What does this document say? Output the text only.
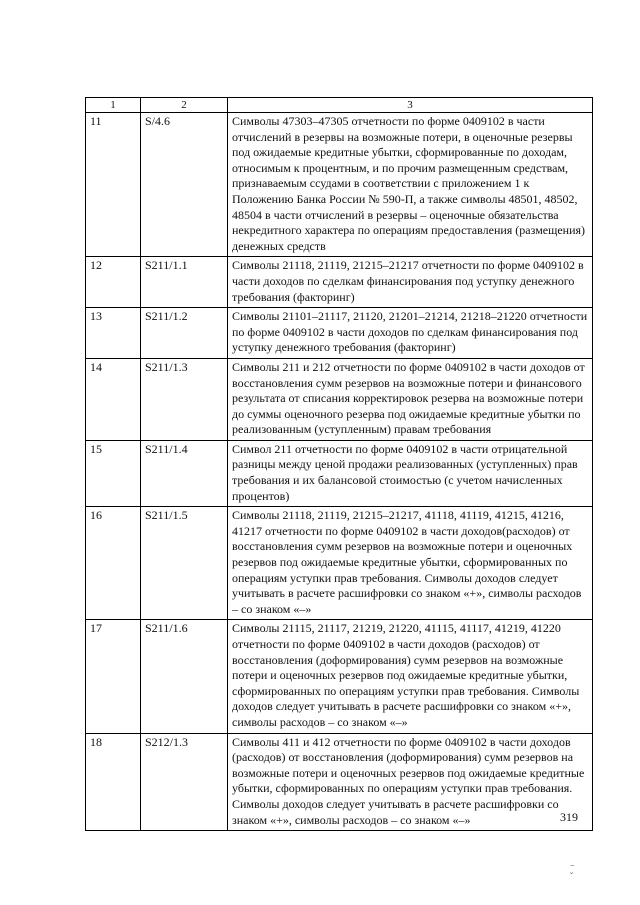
1	2	3
11	S/4.6	Символы 47303–47305 отчетности по форме 0409102 в части отчислений в резервы на возможные потери, в оценочные резервы под ожидаемые кредитные убытки, сформированные по доходам, относимым к процентным, и по прочим размещенным средствам, признаваемым ссудами в соответствии с приложением 1 к Положению Банка России № 590-П, а также символы 48501, 48502, 48504 в части отчислений в резервы – оценочные обязательства некредитного характера по операциям предоставления (размещения) денежных средств
12	S211/1.1	Символы 21118, 21119, 21215–21217 отчетности по форме 0409102 в части доходов по сделкам финансирования под уступку денежного требования (факторинг)
13	S211/1.2	Символы 21101–21117, 21120, 21201–21214, 21218–21220 отчетности по форме 0409102 в части доходов по сделкам финансирования под уступку денежного требования (факторинг)
14	S211/1.3	Символы 211 и 212 отчетности по форме 0409102 в части доходов от восстановления сумм резервов на возможные потери и финансового результата от списания корректировок резерва на возможные потери до суммы оценочного резерва под ожидаемые кредитные убытки по реализованным (уступленным) правам требования
15	S211/1.4	Символ 211 отчетности по форме 0409102 в части отрицательной разницы между ценой продажи реализованных (уступленных) прав требования и их балансовой стоимостью (с учетом начисленных процентов)
16	S211/1.5	Символы 21118, 21119, 21215–21217, 41118, 41119, 41215, 41216, 41217 отчетности по форме 0409102 в части доходов(расходов) от восстановления сумм резервов на возможные потери и оценочных резервов под ожидаемые кредитные убытки, сформированных по операциям уступки прав требования. Символы доходов следует учитывать в расчете расшифровки со знаком «+», символы расходов – со знаком «–»
17	S211/1.6	Символы 21115, 21117, 21219, 21220, 41115, 41117, 41219, 41220 отчетности по форме 0409102 в части доходов (расходов) от восстановления (доформирования) сумм резервов на возможные потери и оценочных резервов под ожидаемые кредитные убытки, сформированных по операциям уступки прав требования. Символы доходов следует учитывать в расчете расшифровки со знаком «+», символы расходов – со знаком «–»
18	S212/1.3	Символы 411 и 412 отчетности по форме 0409102 в части доходов (расходов) от восстановления (доформирования) сумм резервов на возможные потери и оценочных резервов под ожидаемые кредитные убытки, сформированных по операциям уступки прав требования. Символы доходов следует учитывать в расчете расшифровки со знаком «+», символы расходов – со знаком «–»	319
⁻
˘
